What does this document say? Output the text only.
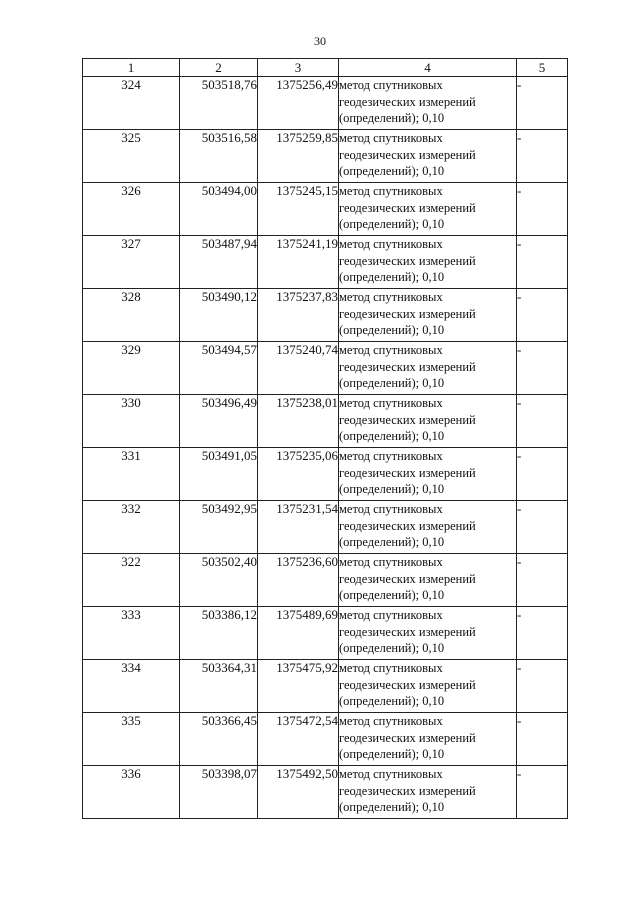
30
1	2	3	4	5
324	503518,76	1375256,49	метод спутниковых
геодезических измерений
(определений); 0,10	-
325	503516,58	1375259,85	метод спутниковых
геодезических измерений
(определений); 0,10	-
326	503494,00	1375245,15	метод спутниковых
геодезических измерений
(определений); 0,10	-
327	503487,94	1375241,19	метод спутниковых
геодезических измерений
(определений); 0,10	-
328	503490,12	1375237,83	метод спутниковых
геодезических измерений
(определений); 0,10	-
329	503494,57	1375240,74	метод спутниковых
геодезических измерений
(определений); 0,10	-
330	503496,49	1375238,01	метод спутниковых
геодезических измерений
(определений); 0,10	-
331	503491,05	1375235,06	метод спутниковых
геодезических измерений
(определений); 0,10	-
332	503492,95	1375231,54	метод спутниковых
геодезических измерений
(определений); 0,10	-
322	503502,40	1375236,60	метод спутниковых
геодезических измерений
(определений); 0,10	-
333	503386,12	1375489,69	метод спутниковых
геодезических измерений
(определений); 0,10	-
334	503364,31	1375475,92	метод спутниковых
геодезических измерений
(определений); 0,10	-
335	503366,45	1375472,54	метод спутниковых
геодезических измерений
(определений); 0,10	-
336	503398,07	1375492,50	метод спутниковых
геодезических измерений
(определений); 0,10	-
